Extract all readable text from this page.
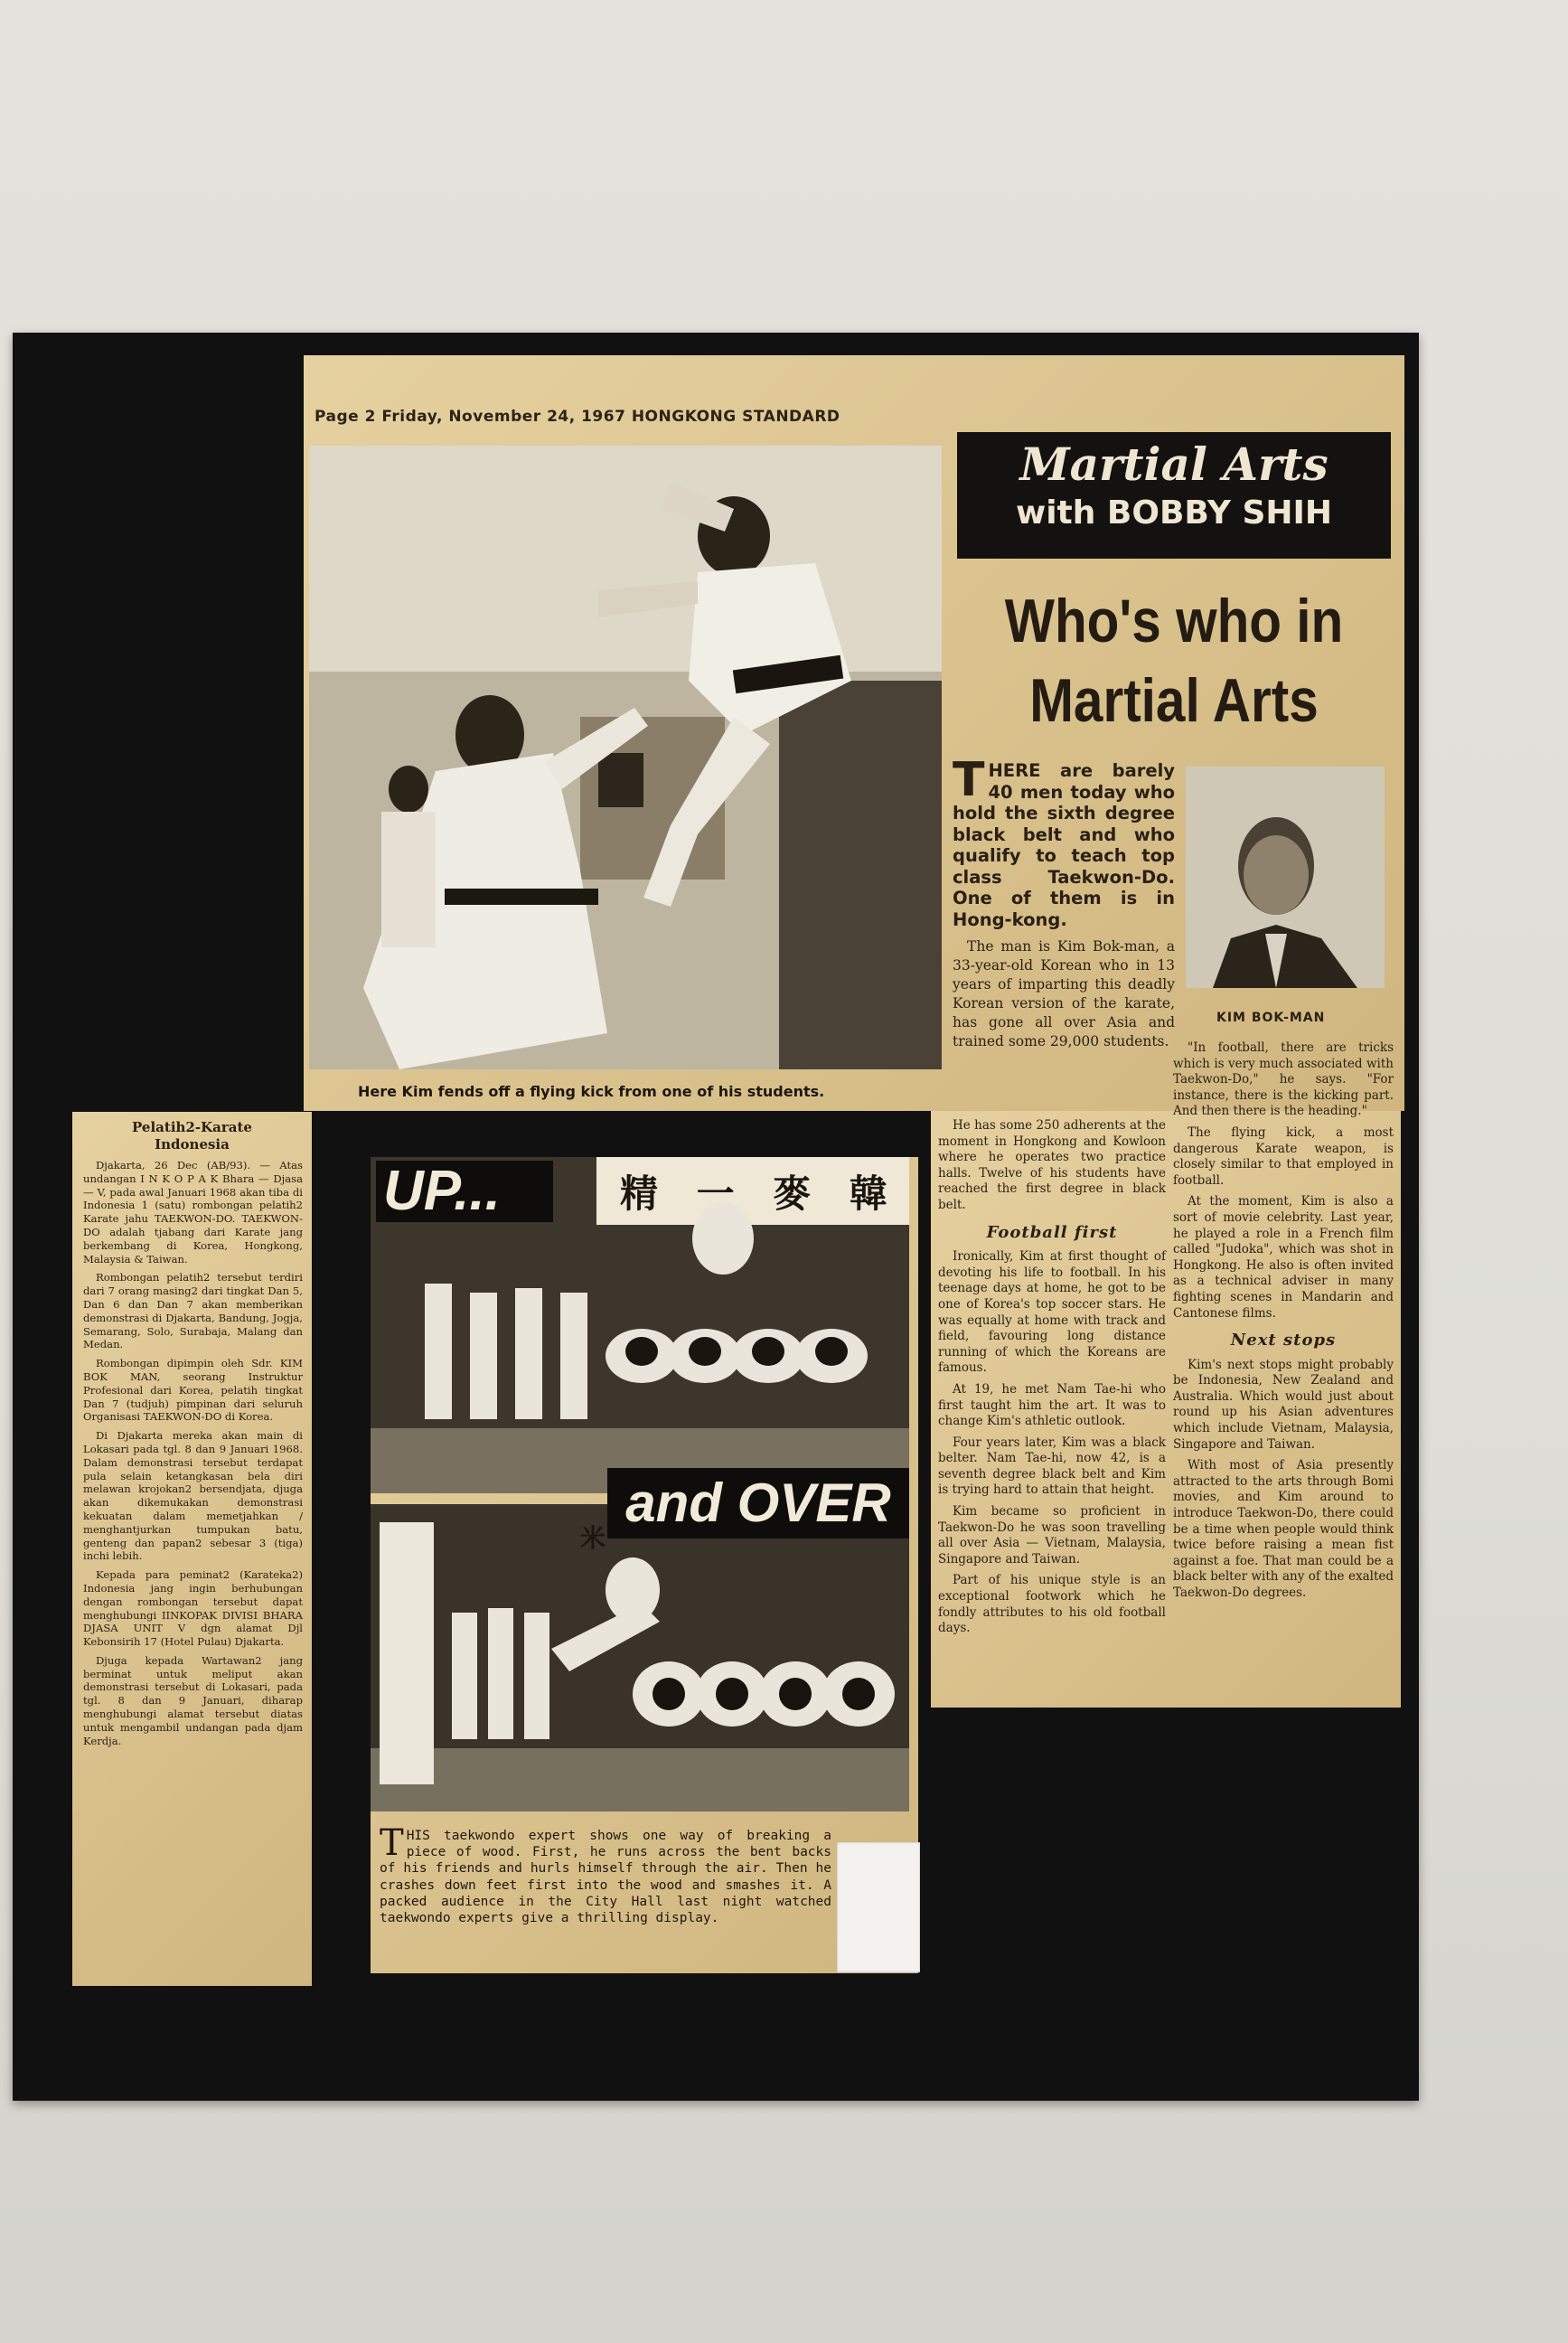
Page 2 Friday, November 24, 1967 HONGKONG STANDARD
Here Kim fends off a flying kick from one of his students.
Martial Arts
with BOBBY SHIH
Who's who in
Martial Arts
THERE are barely 40 men today who hold the sixth degree black belt and who qualify to teach top class Taekwon-Do. One of them is in Hong-kong.

The man is Kim Bok-man, a 33-year-old Korean who in 13 years of imparting this deadly Korean version of the karate, has gone all over Asia and trained some 29,000 students.

KIM BOK-MAN

He has some 250 adherents at the moment in Hongkong and Kowloon where he operates two practice halls. Twelve of his students have reached the first degree in black belt.

Football first

Ironically, Kim at first thought of devoting his life to football. In his teenage days at home, he got to be one of Korea's top soccer stars. He was equally at home with track and field, favouring long distance running of which the Koreans are famous.

At 19, he met Nam Tae-hi who first taught him the art. It was to change Kim's athletic outlook.

Four years later, Kim was a black belter. Nam Tae-hi, now 42, is a seventh degree black belt and Kim is trying hard to attain that height.

Kim became so proficient in Taekwon-Do he was soon travelling all over Asia — Vietnam, Malaysia, Singapore and Taiwan.

Part of his unique style is an exceptional footwork which he fondly attributes to his old football days.

"In football, there are tricks which is very much associated with Taekwon-Do," he says. "For instance, there is the kicking part. And then there is the heading."

The flying kick, a most dangerous Karate weapon, is closely similar to that employed in football.

At the moment, Kim is also a sort of movie celebrity. Last year, he played a role in a French film called "Judoka", which was shot in Hongkong. He also is often invited as a technical adviser in many fighting scenes in Mandarin and Cantonese films.

Next stops

Kim's next stops might probably be Indonesia, New Zealand and Australia. Which would just about round up his Asian adventures which include Vietnam, Malaysia, Singapore and Taiwan.

With most of Asia presently attracted to the arts through Bomi movies, and Kim around to introduce Taekwon-Do, there could be a time when people would think twice before raising a mean fist against a foe. That man could be a black belter with any of the exalted Taekwon-Do degrees.

Pelatih2-Karate
Indonesia

Djakarta, 26 Dec (AB/93). — Atas undangan I N K O P A K Bhara — Djasa — V, pada awal Januari 1968 akan tiba di Indonesia 1 (satu) rombongan pelatih2 Karate jahu TAEKWON-DO. TAEKWON-DO adalah tjabang dari Karate jang berkembang di Korea, Hongkong, Malaysia & Taiwan.

Rombongan pelatih2 tersebut terdiri dari 7 orang masing2 dari tingkat Dan 5, Dan 6 dan Dan 7 akan memberikan demonstrasi di Djakarta, Bandung, Jogja, Semarang, Solo, Surabaja, Malang dan Medan.

Rombongan dipimpin oleh Sdr. KIM BOK MAN, seorang Instruktur Profesional dari Korea, pelatih tingkat Dan 7 (tudjuh) pimpinan dari seluruh Organisasi TAEKWON-DO di Korea.

Di Djakarta mereka akan main di Lokasari pada tgl. 8 dan 9 Januari 1968. Dalam demonstrasi tersebut terdapat pula selain ketangkasan bela diri melawan krojokan2 bersendjata, djuga akan dikemukakan demonstrasi kekuatan dalam memetjahkan / menghantjurkan tumpukan batu, genteng dan papan2 sebesar 3 (tiga) inchi lebih.

Kepada para peminat2 (Karateka2) Indonesia jang ingin berhubungan dengan rombongan tersebut dapat menghubungi IINKOPAK DIVISI BHARA DJASA UNIT V dgn alamat Djl Kebonsirih 17 (Hotel Pulau) Djakarta.

Djuga kepada Wartawan2 jang berminat untuk meliput akan demonstrasi tersebut di Lokasari, pada tgl. 8 dan 9 Januari, diharap menghubungi alamat tersebut diatas untuk mengambil undangan pada djam Kerdja.

UP...	精 一 麥 韓
and OVER
米
THIS taekwondo expert shows one way of breaking a piece of wood. First, he runs across the bent backs of his friends and hurls himself through the air. Then he crashes down feet first into the wood and smashes it. A packed audience in the City Hall last night watched taekwondo experts give a thrilling display.
